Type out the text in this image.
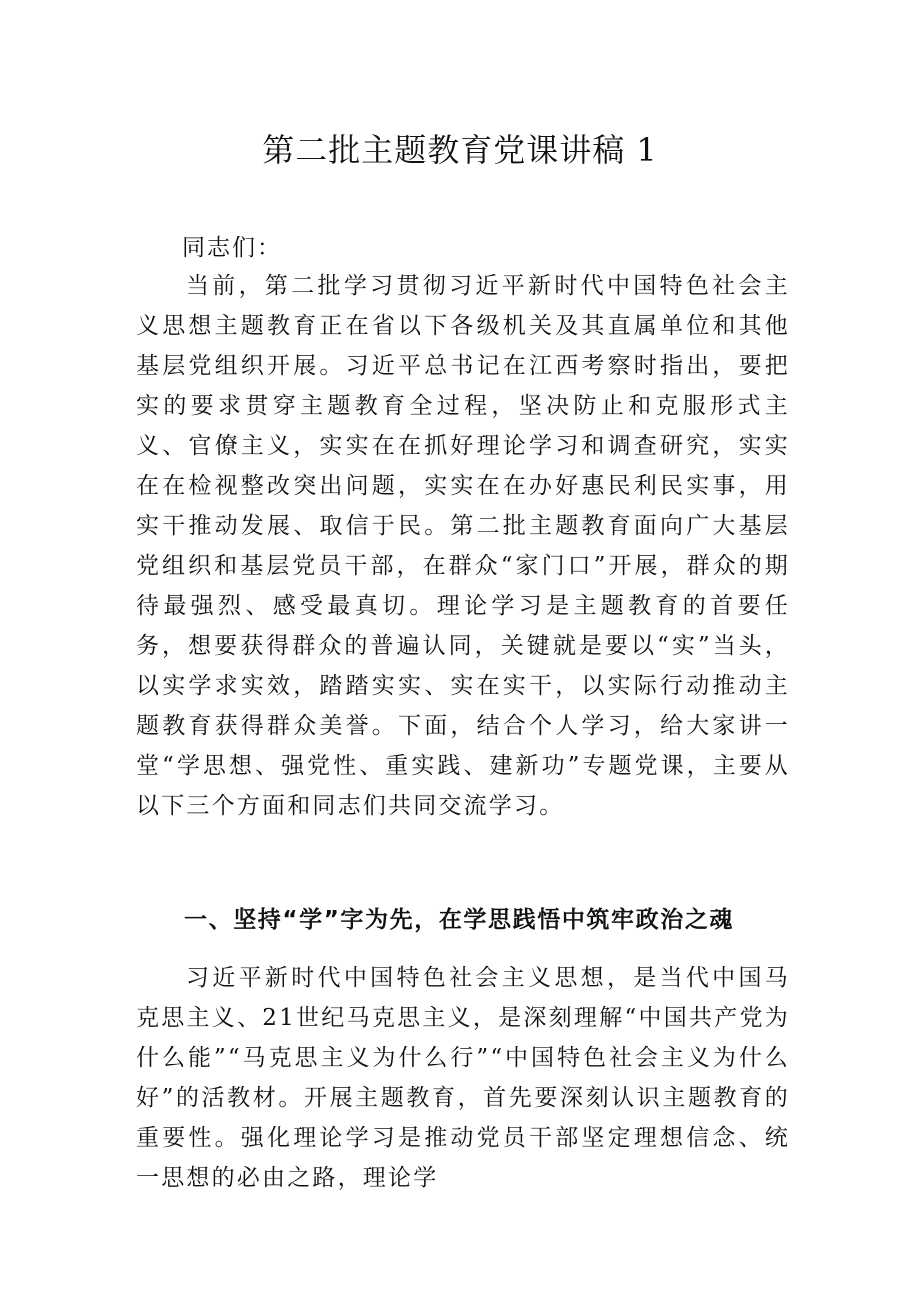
第二批主题教育党课讲稿 1
同志们：
当前，第二批学习贯彻习近平新时代中国特色社会主义思想主题教育正在省以下各级机关及其直属单位和其他基层党组织开展。习近平总书记在江西考察时指出，要把实的要求贯穿主题教育全过程，坚决防止和克服形式主义、官僚主义，实实在在抓好理论学习和调查研究，实实在在检视整改突出问题，实实在在办好惠民利民实事，用实干推动发展、取信于民。第二批主题教育面向广大基层党组织和基层党员干部，在群众“家门口”开展，群众的期待最强烈、感受最真切。理论学习是主题教育的首要任务，想要获得群众的普遍认同，关键就是要以“实”当头，以实学求实效，踏踏实实、实在实干，以实际行动推动主题教育获得群众美誉。下面，结合个人学习，给大家讲一堂“学思想、强党性、重实践、建新功”专题党课，主要从以下三个方面和同志们共同交流学习。
一、坚持“学”字为先，在学思践悟中筑牢政治之魂
习近平新时代中国特色社会主义思想，是当代中国马克思主义、21世纪马克思主义，是深刻理解“中国共产党为什么能”“马克思主义为什么行”“中国特色社会主义为什么好”的活教材。开展主题教育，首先要深刻认识主题教育的重要性。强化理论学习是推动党员干部坚定理想信念、统一思想的必由之路，理论学
